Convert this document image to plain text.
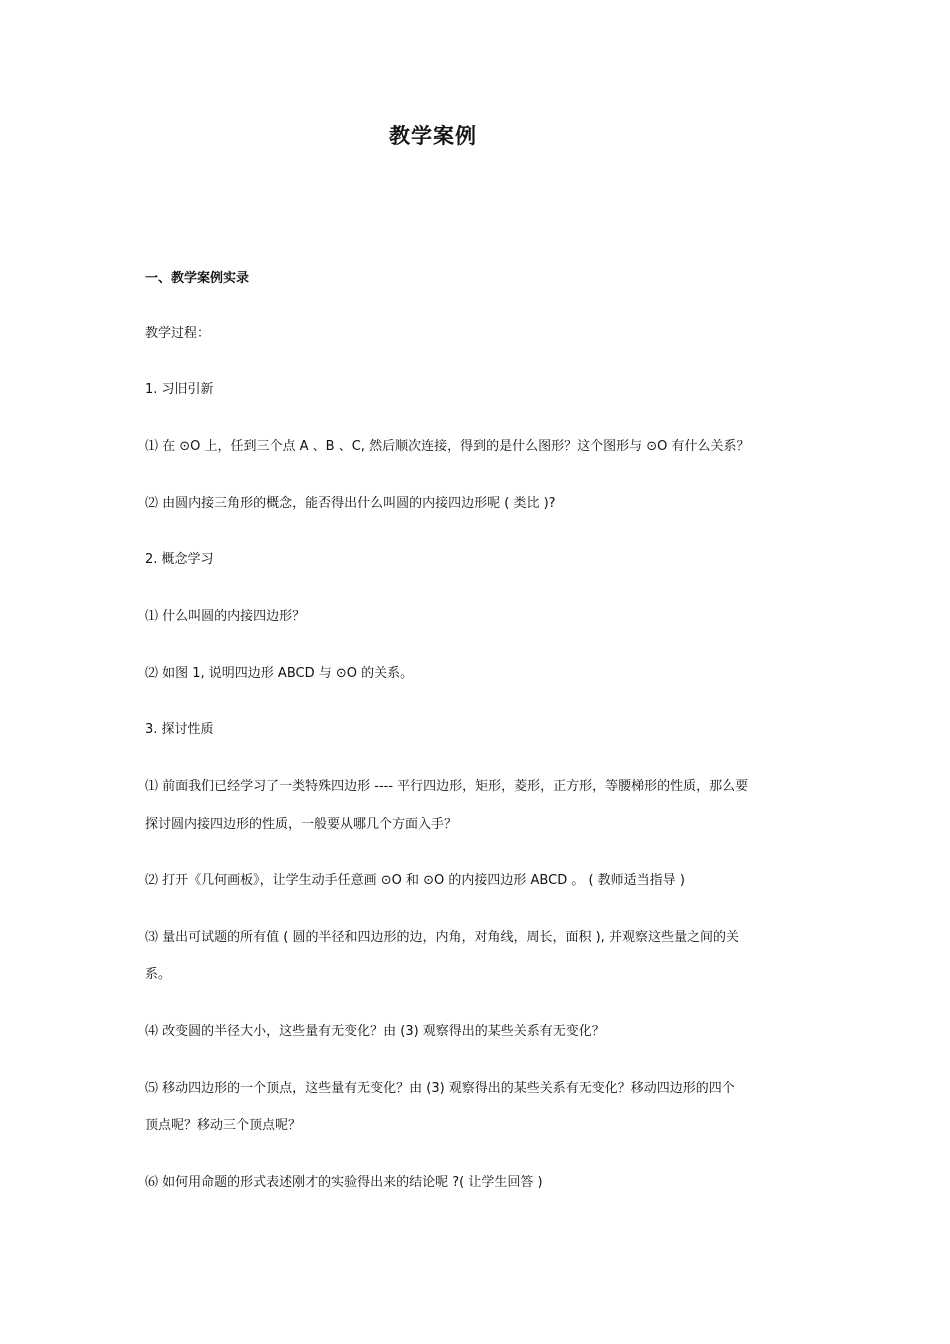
教学案例
一、教学案例实录
教学过程：
1. 习旧引新
⑴ 在 ⊙O 上，任到三个点 A 、B 、C, 然后顺次连接，得到的是什么图形？这个图形与 ⊙O 有什么关系？
⑵ 由圆内接三角形的概念，能否得出什么叫圆的内接四边形呢 ( 类比 )?
2. 概念学习
⑴ 什么叫圆的内接四边形？
⑵ 如图 1, 说明四边形 ABCD 与 ⊙O 的关系。
3. 探讨性质
⑴ 前面我们已经学习了一类特殊四边形 ---- 平行四边形，矩形，菱形，正方形，等腰梯形的性质，那么要
探讨圆内接四边形的性质，一般要从哪几个方面入手？
⑵ 打开《几何画板》，让学生动手任意画 ⊙O 和 ⊙O 的内接四边形 ABCD 。 ( 教师适当指导 )
⑶ 量出可试题的所有值 ( 圆的半径和四边形的边，内角，对角线，周长，面积 ), 并观察这些量之间的关
系。
⑷ 改变圆的半径大小，这些量有无变化？由 (3) 观察得出的某些关系有无变化？
⑸ 移动四边形的一个顶点，这些量有无变化？由 (3) 观察得出的某些关系有无变化？移动四边形的四个
顶点呢？移动三个顶点呢？
⑹ 如何用命题的形式表述刚才的实验得出来的结论呢 ?( 让学生回答 )
